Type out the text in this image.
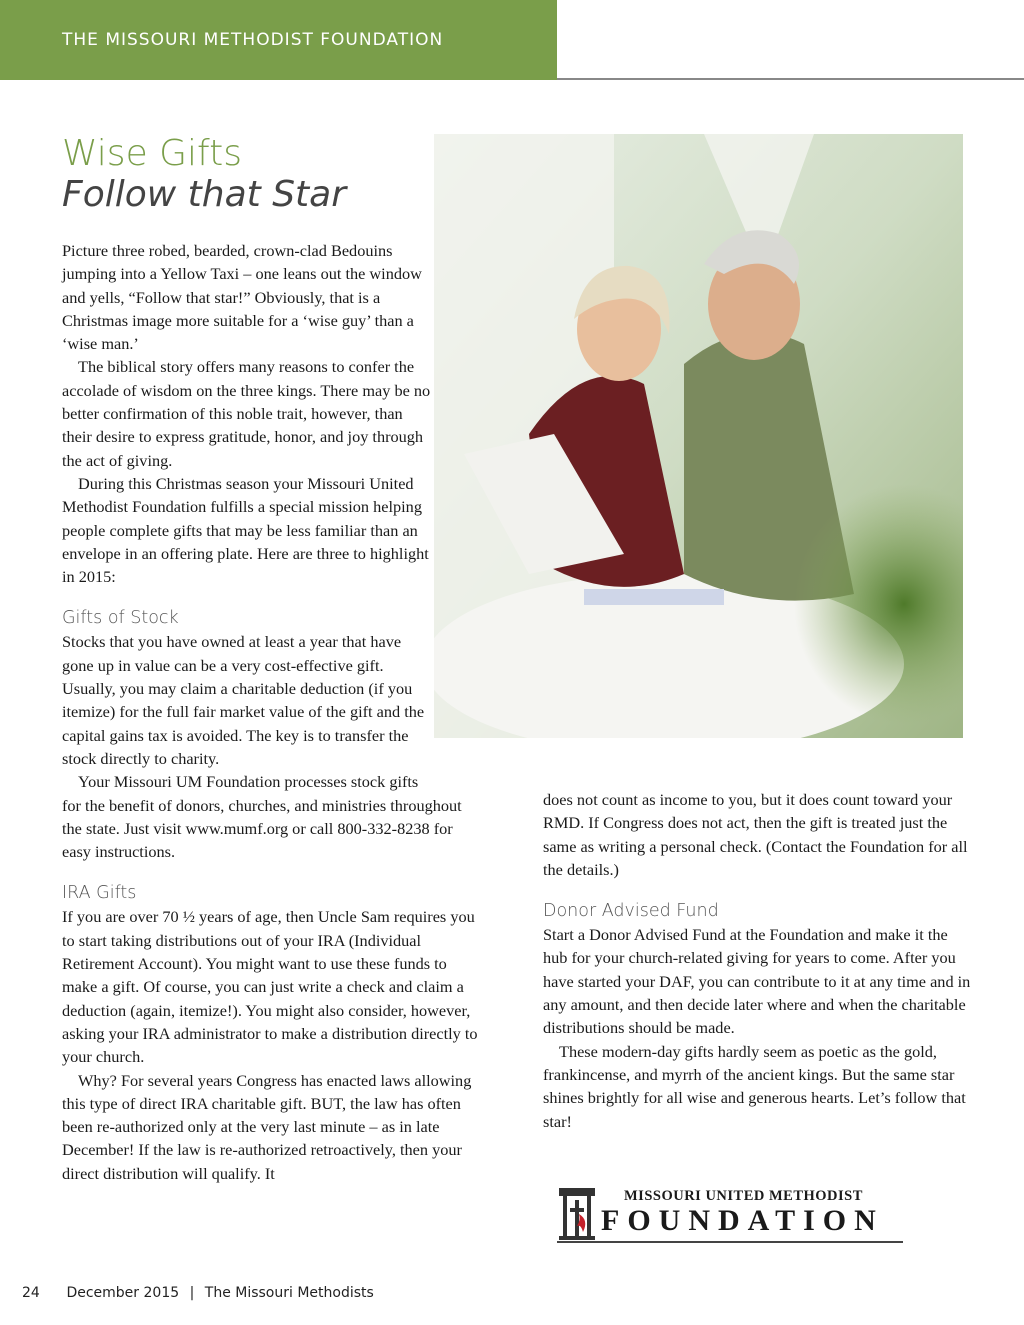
THE MISSOURI METHODIST FOUNDATION
Wise Gifts
Follow that Star

Picture three robed, bearded, crown-clad Bedouins jumping into a Yellow Taxi – one leans out the window and yells, “Follow that star!” Obviously, that is a Christmas image more suitable for a ‘wise guy’ than a ‘wise man.’

The biblical story offers many reasons to confer the accolade of wisdom on the three kings. There may be no better confirmation of this noble trait, however, than their desire to express gratitude, honor, and joy through the act of giving.

During this Christmas season your Missouri United Methodist Foundation fulfills a special mission helping people complete gifts that may be less familiar than an envelope in an offering plate. Here are three to highlight in 2015:

Gifts of Stock

Stocks that you have owned at least a year that have gone up in value can be a very cost-effective gift. Usually, you may claim a charitable deduction (if you itemize) for the full fair market value of the gift and the capital gains tax is avoided. The key is to transfer the stock directly to charity.

Your Missouri UM Foundation processes stock gifts for the benefit of donors, churches, and ministries throughout the state. Just visit www.mumf.org or call 800-332-8238 for easy instructions.

IRA Gifts

If you are over 70 ½ years of age, then Uncle Sam requires you to start taking distributions out of your IRA (Individual Retirement Account). You might want to use these funds to make a gift. Of course, you can just write a check and claim a deduction (again, itemize!). You might also consider, however, asking your IRA administrator to make a distribution directly to your church.

Why? For several years Congress has enacted laws allowing this type of direct IRA charitable gift. BUT, the law has often been re-authorized only at the very last minute – as in late December! If the law is re-authorized retroactively, then your direct distribution will qualify. It

does not count as income to you, but it does count toward your RMD. If Congress does not act, then the gift is treated just the same as writing a personal check. (Contact the Foundation for all the details.)

Donor Advised Fund

Start a Donor Advised Fund at the Foundation and make it the hub for your church-related giving for years to come. After you have started your DAF, you can contribute to it at any time and in any amount, and then decide later where and when the charitable distributions should be made.

These modern-day gifts hardly seem as poetic as the gold, frankincense, and myrrh of the ancient kings. But the same star shines brightly for all wise and generous hearts. Let’s follow that star!

MISSOURI UNITED METHODIST
FOUNDATION
24 December 2015 | The Missouri Methodists
